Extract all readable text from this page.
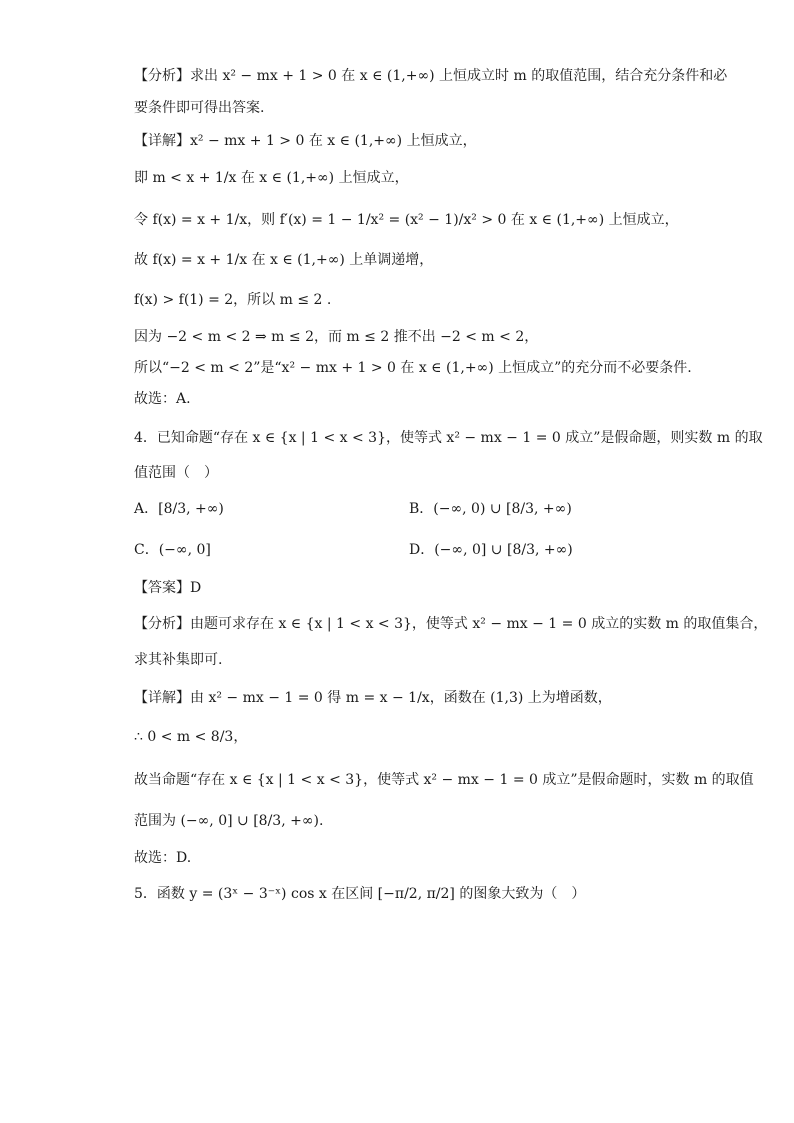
【分析】求出 x² − mx + 1 > 0 在 x ∈ (1,+∞) 上恒成立时 m 的取值范围，结合充分条件和必
要条件即可得出答案.
【详解】x² − mx + 1 > 0 在 x ∈ (1,+∞) 上恒成立，
即 m < x + 1/x 在 x ∈ (1,+∞) 上恒成立，
令 f(x) = x + 1/x，则 f′(x) = 1 − 1/x² = (x² − 1)/x² > 0 在 x ∈ (1,+∞) 上恒成立，
故 f(x) = x + 1/x 在 x ∈ (1,+∞) 上单调递增，
f(x) > f(1) = 2，所以 m ≤ 2 .
因为 −2 < m < 2 ⇒ m ≤ 2，而 m ≤ 2 推不出 −2 < m < 2，
所以“−2 < m < 2”是“x² − mx + 1 > 0 在 x ∈ (1,+∞) 上恒成立”的充分而不必要条件.
故选：A.
4．已知命题“存在 x ∈ {x | 1 < x < 3}，使等式 x² − mx − 1 = 0 成立”是假命题，则实数 m 的取
值范围（　）
A．[8/3, +∞)	B．(−∞, 0) ∪ [8/3, +∞)
C．(−∞, 0]	D．(−∞, 0] ∪ [8/3, +∞)
【答案】D
【分析】由题可求存在 x ∈ {x | 1 < x < 3}，使等式 x² − mx − 1 = 0 成立的实数 m 的取值集合，
求其补集即可.
【详解】由 x² − mx − 1 = 0 得 m = x − 1/x，函数在 (1,3) 上为增函数，
∴ 0 < m < 8/3，
故当命题“存在 x ∈ {x | 1 < x < 3}，使等式 x² − mx − 1 = 0 成立”是假命题时，实数 m 的取值
范围为 (−∞, 0] ∪ [8/3, +∞).
故选：D.
5．函数 y = (3ˣ − 3⁻ˣ) cos x 在区间 [−π/2, π/2] 的图象大致为（　）
